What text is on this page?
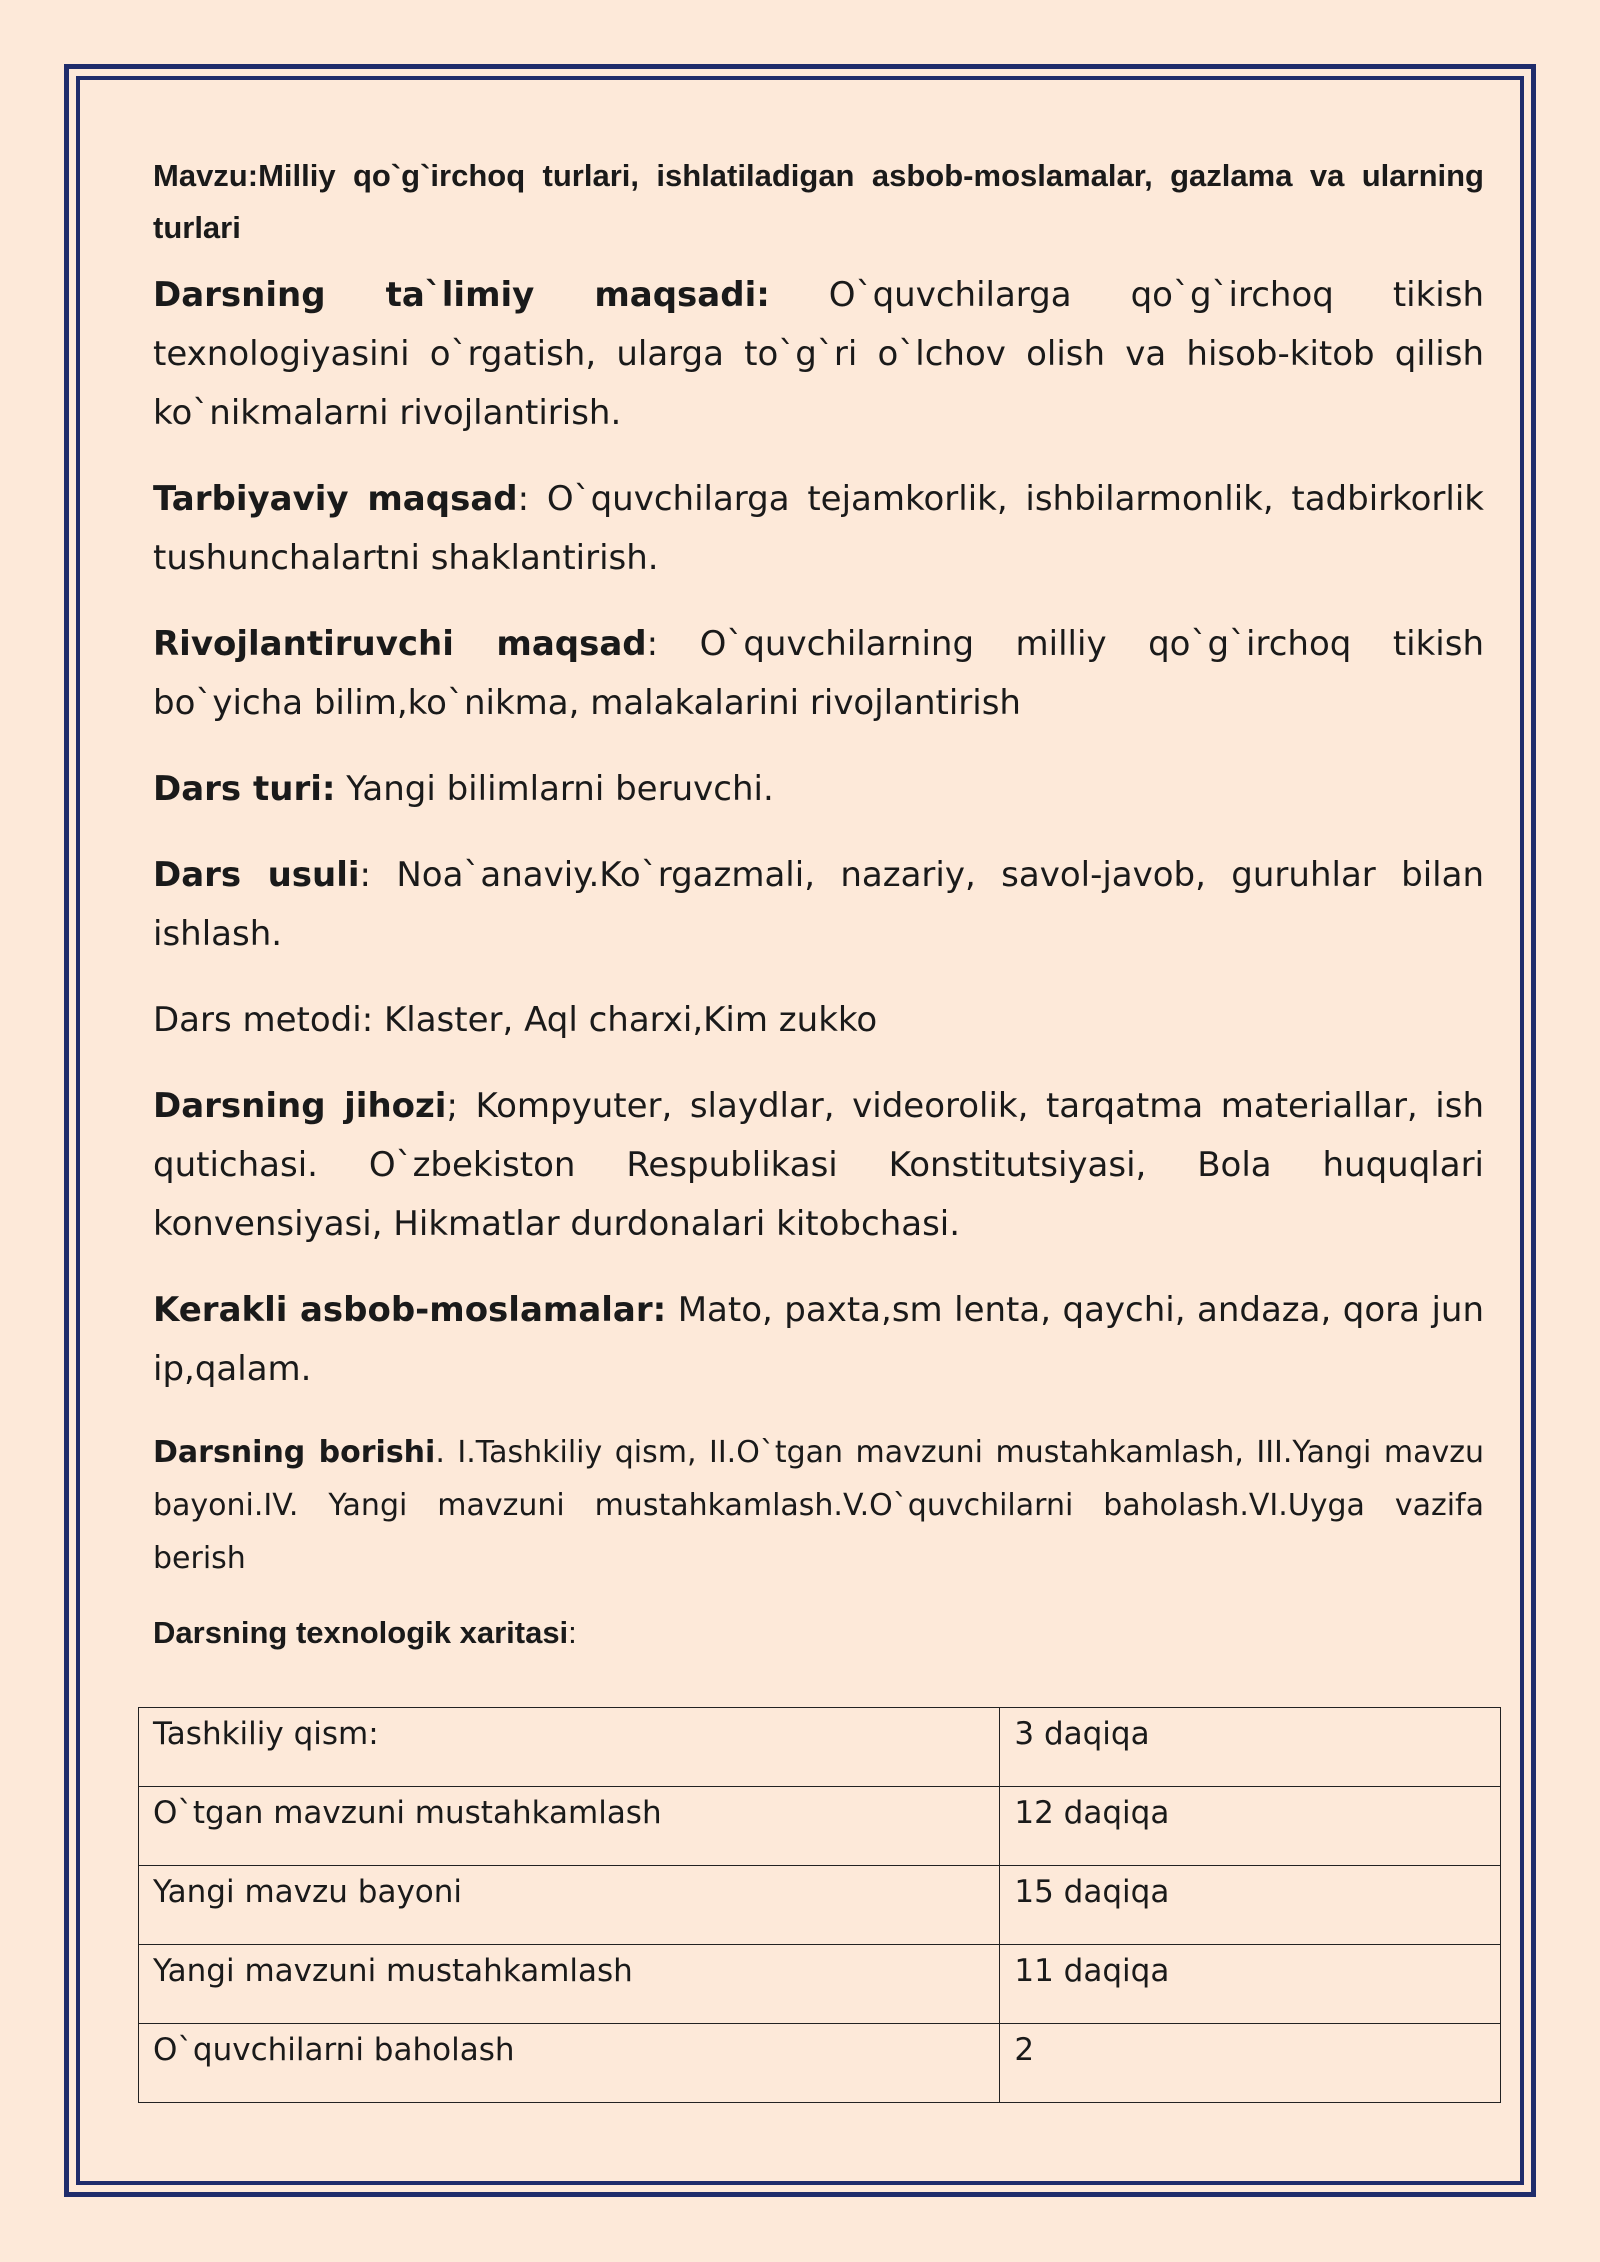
Mavzu:Milliy qo`g`irchoq turlari, ishlatiladigan asbob-moslamalar, gazlama va ularning turlari

Darsning ta`limiy maqsadi: O`quvchilarga qo`g`irchoq tikish texnologiyasini o`rgatish, ularga to`g`ri o`lchov olish va hisob-kitob qilish ko`nikmalarni rivojlantirish.

Tarbiyaviy maqsad: O`quvchilarga tejamkorlik, ishbilarmonlik, tadbirkorlik tushunchalartni shaklantirish.

Rivojlantiruvchi maqsad: O`quvchilarning milliy qo`g`irchoq tikish bo`yicha bilim,ko`nikma, malakalarini rivojlantirish

Dars turi: Yangi bilimlarni beruvchi.

Dars usuli: Noa`anaviy.Ko`rgazmali, nazariy, savol-javob, guruhlar bilan ishlash.

Dars metodi: Klaster, Aql charxi,Kim zukko

Darsning jihozi; Kompyuter, slaydlar, videorolik, tarqatma materiallar, ish qutichasi. O`zbekiston Respublikasi Konstitutsiyasi, Bola huquqlari konvensiyasi, Hikmatlar durdonalari kitobchasi.

Kerakli asbob-moslamalar: Mato, paxta,sm lenta, qaychi, andaza, qora jun ip,qalam.

Darsning borishi. I.Tashkiliy qism, II.O`tgan mavzuni mustahkamlash, III.Yangi mavzu bayoni.IV. Yangi mavzuni mustahkamlash.V.O`quvchilarni baholash.VI.Uyga vazifa berish

Darsning texnologik xaritasi:
Tashkiliy qism:	3 daqiqa
O`tgan mavzuni mustahkamlash	12 daqiqa
Yangi mavzu bayoni	15 daqiqa
Yangi mavzuni mustahkamlash	11 daqiqa
O`quvchilarni baholash	2
